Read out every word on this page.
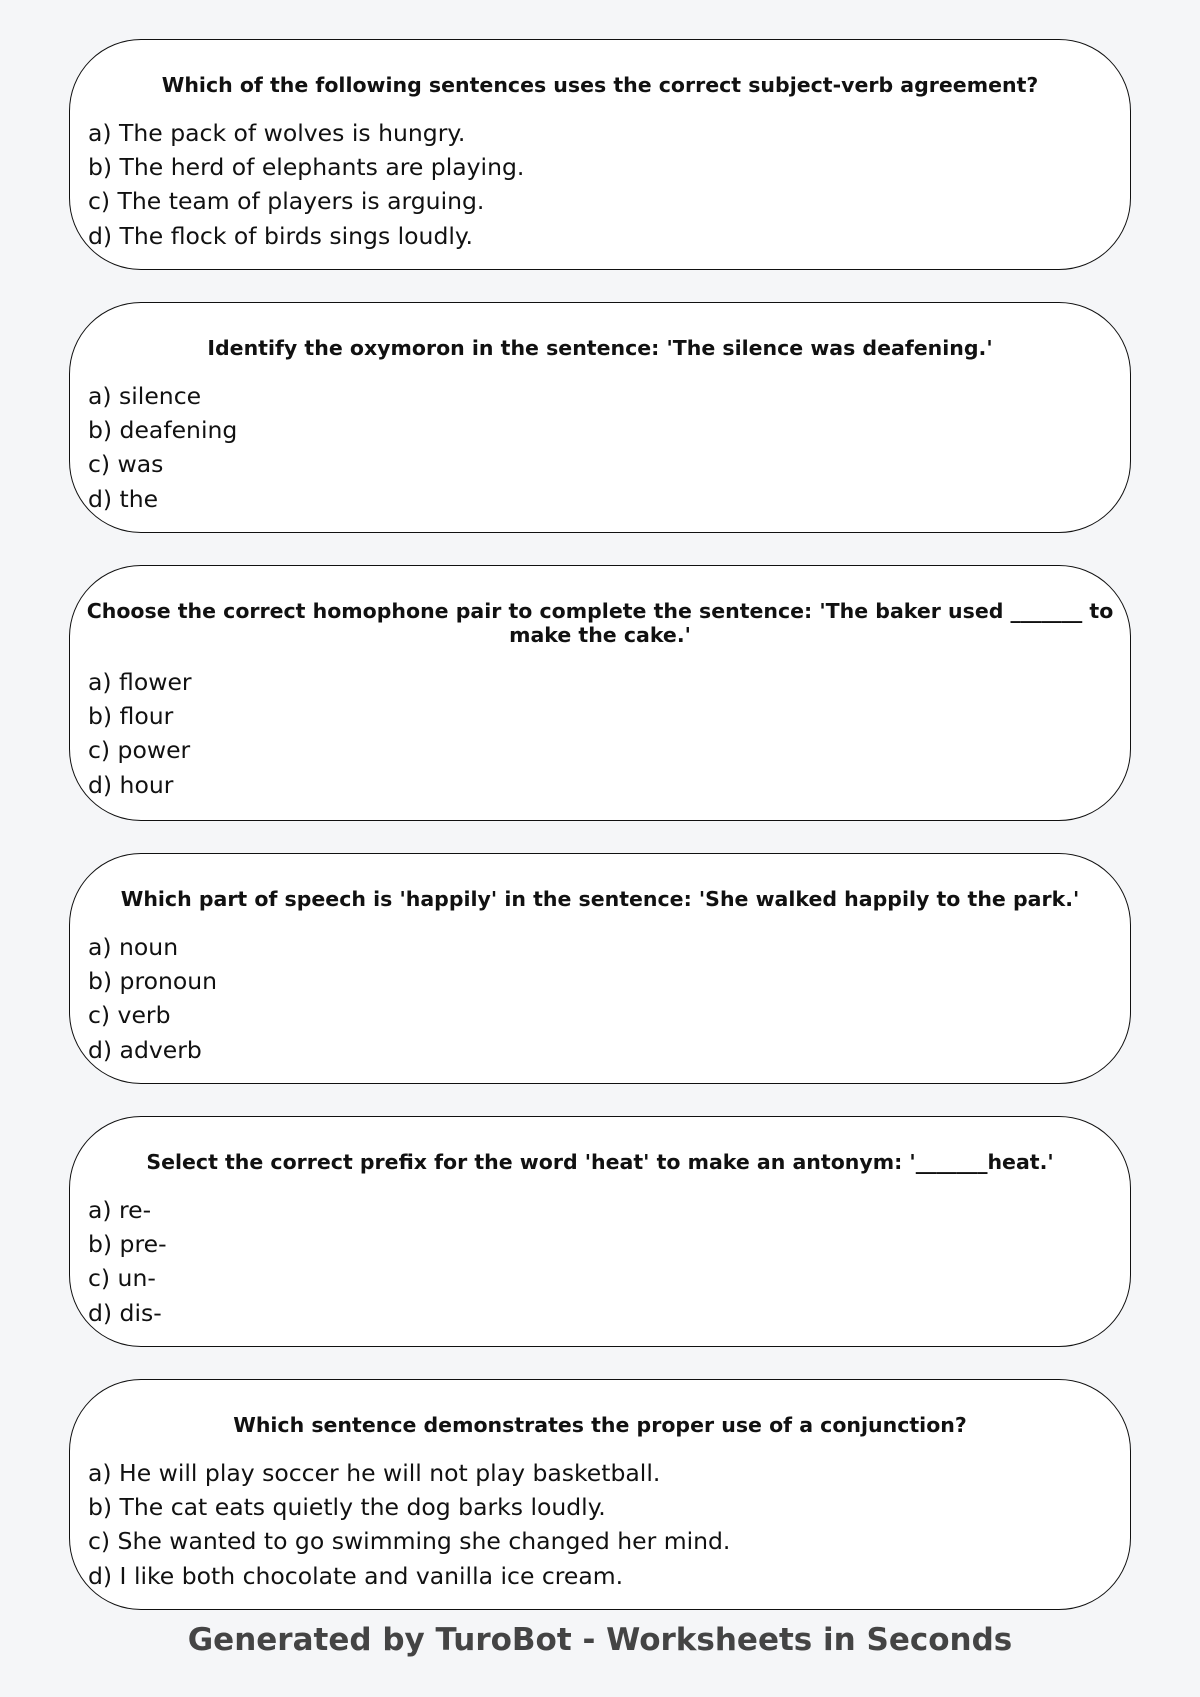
Which of the following sentences uses the correct subject-verb agreement?

a) The pack of wolves is hungry.
b) The herd of elephants are playing.
c) The team of players is arguing.
d) The flock of birds sings loudly.

Identify the oxymoron in the sentence: 'The silence was deafening.'

a) silence
b) deafening
c) was
d) the

Choose the correct homophone pair to complete the sentence: 'The baker used _______ to make the cake.'

a) flower
b) flour
c) power
d) hour

Which part of speech is 'happily' in the sentence: 'She walked happily to the park.'

a) noun
b) pronoun
c) verb
d) adverb

Select the correct prefix for the word 'heat' to make an antonym: '_______heat.'

a) re-
b) pre-
c) un-
d) dis-

Which sentence demonstrates the proper use of a conjunction?

a) He will play soccer he will not play basketball.
b) The cat eats quietly the dog barks loudly.
c) She wanted to go swimming she changed her mind.
d) I like both chocolate and vanilla ice cream.
Generated by TuroBot - Worksheets in Seconds
